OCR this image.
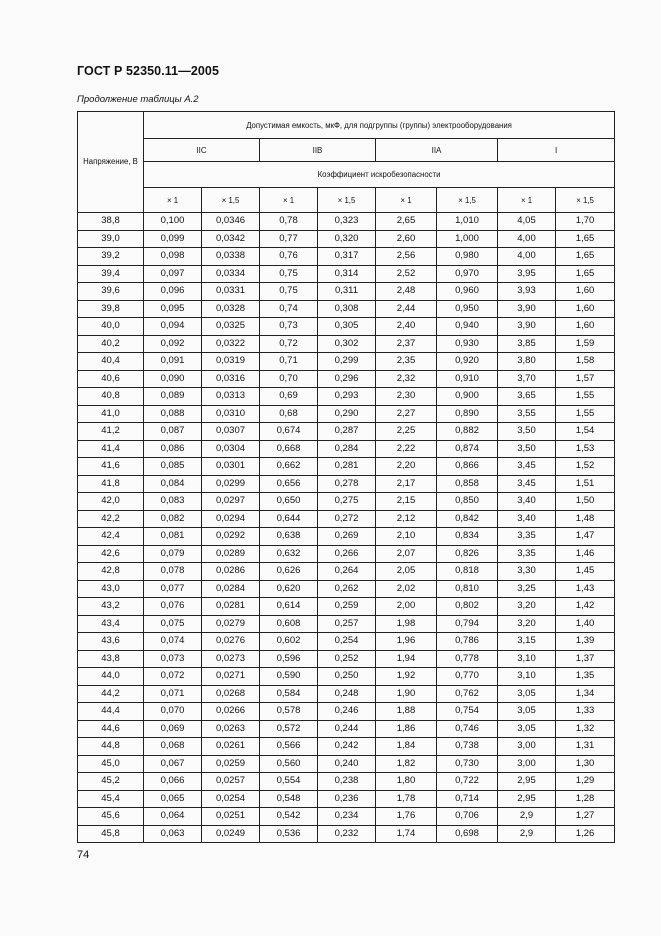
ГОСТ Р 52350.11—2005
Продолжение таблицы А.2
Напряжение, В	Допустимая емкость, мкФ, для подгруппы (группы) электрооборудования							
	IIC		IIB		IIA		I	
	Коэффициент искробезопасности							
	× 1	× 1,5	× 1	× 1,5	× 1	× 1,5	× 1	× 1,5
38,8	0,100	0,0346	0,78	0,323	2,65	1,010	4,05	1,70
39,0	0,099	0,0342	0,77	0,320	2,60	1,000	4,00	1,65
39,2	0,098	0,0338	0,76	0,317	2,56	0,980	4,00	1,65
39,4	0,097	0,0334	0,75	0,314	2,52	0,970	3,95	1,65
39,6	0,096	0,0331	0,75	0,311	2,48	0,960	3,93	1,60
39,8	0,095	0,0328	0,74	0,308	2,44	0,950	3,90	1,60
40,0	0,094	0,0325	0,73	0,305	2,40	0,940	3,90	1,60
40,2	0,092	0,0322	0,72	0,302	2,37	0,930	3,85	1,59
40,4	0,091	0,0319	0,71	0,299	2,35	0,920	3,80	1,58
40,6	0,090	0,0316	0,70	0,296	2,32	0,910	3,70	1,57
40,8	0,089	0,0313	0,69	0,293	2,30	0,900	3,65	1,55
41,0	0,088	0,0310	0,68	0,290	2,27	0,890	3,55	1,55
41,2	0,087	0,0307	0,674	0,287	2,25	0,882	3,50	1,54
41,4	0,086	0,0304	0,668	0,284	2,22	0,874	3,50	1,53
41,6	0,085	0,0301	0,662	0,281	2,20	0,866	3,45	1,52
41,8	0,084	0,0299	0,656	0,278	2,17	0,858	3,45	1,51
42,0	0,083	0,0297	0,650	0,275	2,15	0,850	3,40	1,50
42,2	0,082	0,0294	0,644	0,272	2,12	0,842	3,40	1,48
42,4	0,081	0,0292	0,638	0,269	2,10	0,834	3,35	1,47
42,6	0,079	0,0289	0,632	0,266	2,07	0,826	3,35	1,46
42,8	0,078	0,0286	0,626	0,264	2,05	0,818	3,30	1,45
43,0	0,077	0,0284	0,620	0,262	2,02	0,810	3,25	1,43
43,2	0,076	0,0281	0,614	0,259	2,00	0,802	3,20	1,42
43,4	0,075	0,0279	0,608	0,257	1,98	0,794	3,20	1,40
43,6	0,074	0,0276	0,602	0,254	1,96	0,786	3,15	1,39
43,8	0,073	0,0273	0,596	0,252	1,94	0,778	3,10	1,37
44,0	0,072	0,0271	0,590	0,250	1,92	0,770	3,10	1,35
44,2	0,071	0,0268	0,584	0,248	1,90	0,762	3,05	1,34
44,4	0,070	0,0266	0,578	0,246	1,88	0,754	3,05	1,33
44,6	0,069	0,0263	0,572	0,244	1,86	0,746	3,05	1,32
44,8	0,068	0,0261	0,566	0,242	1,84	0,738	3,00	1,31
45,0	0,067	0,0259	0,560	0,240	1,82	0,730	3,00	1,30
45,2	0,066	0,0257	0,554	0,238	1,80	0,722	2,95	1,29
45,4	0,065	0,0254	0,548	0,236	1,78	0,714	2,95	1,28
45,6	0,064	0,0251	0,542	0,234	1,76	0,706	2,9	1,27
45,8	0,063	0,0249	0,536	0,232	1,74	0,698	2,9	1,26
74
